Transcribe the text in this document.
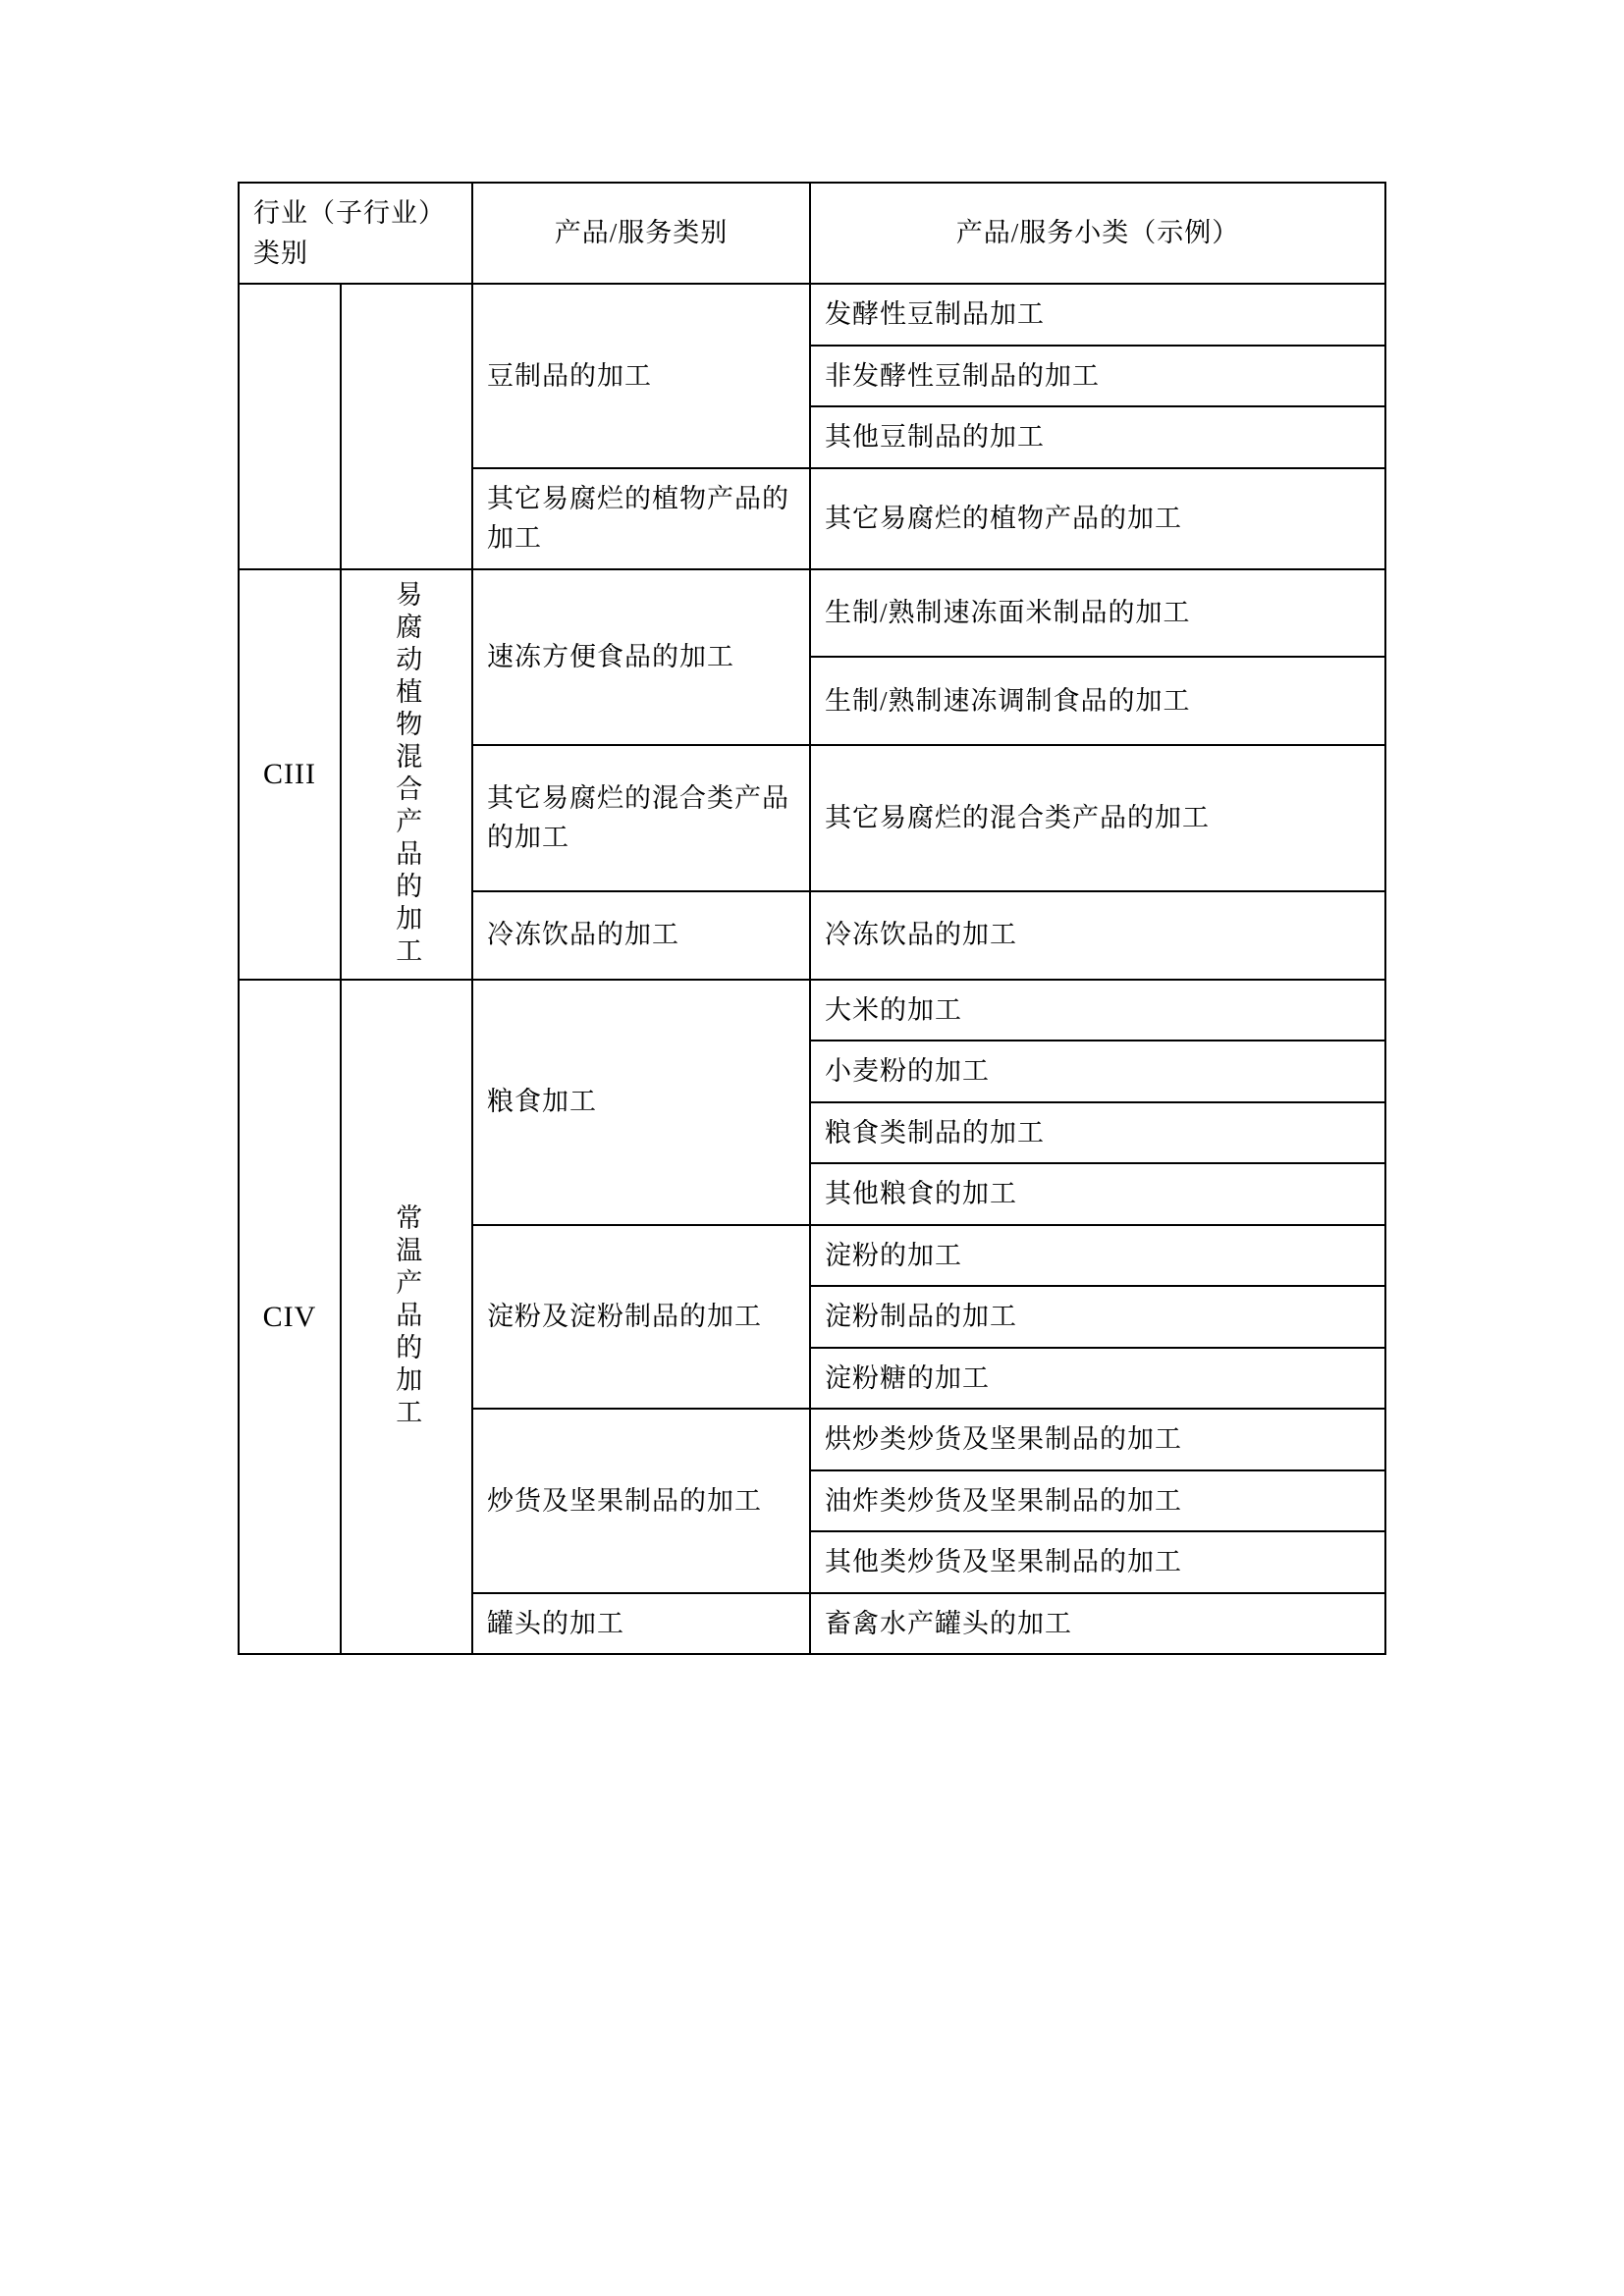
行业（子行业）类别		产品/服务类别	产品/服务小类（示例）
		豆制品的加工	发酵性豆制品加工
			非发酵性豆制品的加工
			其他豆制品的加工
		其它易腐烂的植物产品的加工	其它易腐烂的植物产品的加工
CIII	易腐动植物混合产品的加工	速冻方便食品的加工	生制/熟制速冻面米制品的加工
			生制/熟制速冻调制食品的加工
		其它易腐烂的混合类产品的加工	其它易腐烂的混合类产品的加工
		冷冻饮品的加工	冷冻饮品的加工
CIV	常温产品的加工	粮食加工	大米的加工
			小麦粉的加工
			粮食类制品的加工
			其他粮食的加工
		淀粉及淀粉制品的加工	淀粉的加工
			淀粉制品的加工
			淀粉糖的加工
		炒货及坚果制品的加工	烘炒类炒货及坚果制品的加工
			油炸类炒货及坚果制品的加工
			其他类炒货及坚果制品的加工
		罐头的加工	畜禽水产罐头的加工
